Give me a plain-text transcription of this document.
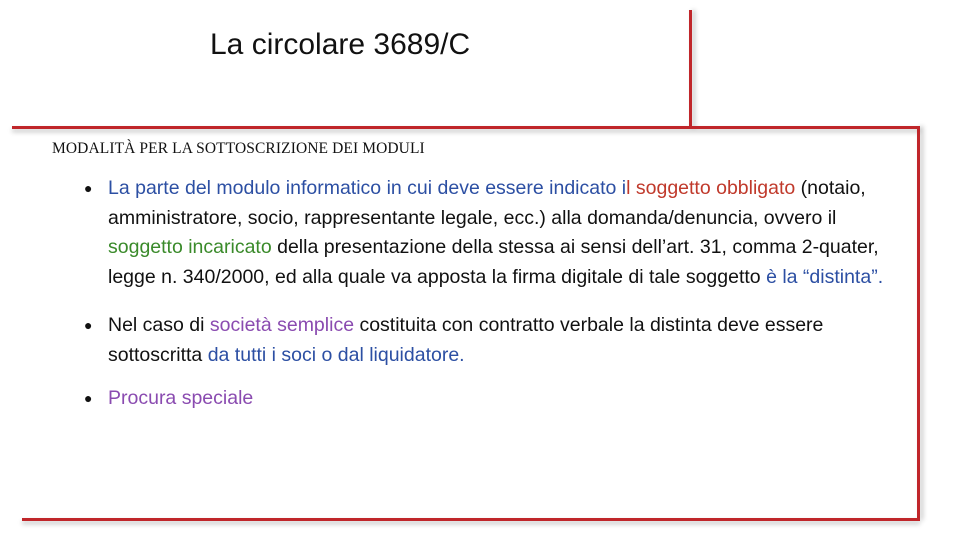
La circolare 3689/C
MODALITÀ PER LA SOTTOSCRIZIONE DEI MODULI
● La parte del modulo informatico in cui deve essere indicato il soggetto obbligato (notaio, amministratore, socio, rappresentante legale, ecc.) alla domanda/denuncia, ovvero il soggetto incaricato della presentazione della stessa ai sensi dell’art. 31, comma 2-quater, legge n. 340/2000, ed alla quale va apposta la firma digitale di tale soggetto è la “distinta”.
● Nel caso di società semplice costituita con contratto verbale la distinta deve essere sottoscritta da tutti i soci o dal liquidatore.
● Procura speciale
